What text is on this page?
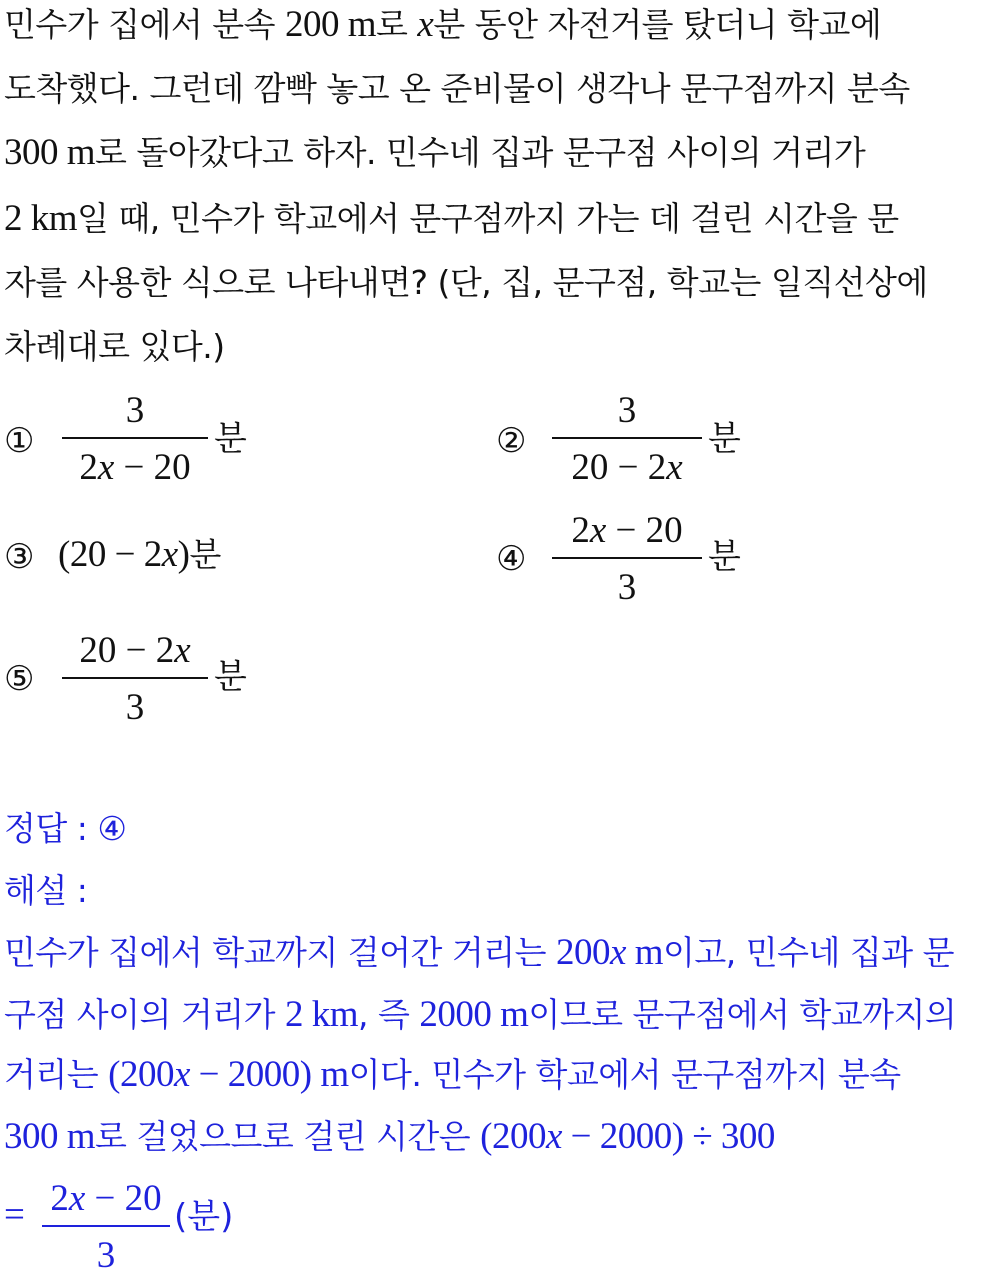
민수가 집에서 분속 200 m로 x분 동안 자전거를 탔더니 학교에
도착했다. 그런데 깜빡 놓고 온 준비물이 생각나 문구점까지 분속
300 m로 돌아갔다고 하자. 민수네 집과 문구점 사이의 거리가
2 km일 때, 민수가 학교에서 문구점까지 가는 데 걸린 시간을 문
자를 사용한 식으로 나타내면? (단, 집, 문구점, 학교는 일직선상에
차례대로 있다.)
①
3
2x − 20
분	②
3
20 − 2x
분
③ (20 − 2x)분	④
2x − 20
3
분
⑤
20 − 2x
3
분
정답 : ④
해설 :
민수가 집에서 학교까지 걸어간 거리는 200x m이고, 민수네 집과 문
구점 사이의 거리가 2 km, 즉 2000 m이므로 문구점에서 학교까지의
거리는 (200x − 2000) m이다. 민수가 학교에서 문구점까지 분속
300 m로 걸었으므로 걸린 시간은 (200x − 2000) ÷ 300
= 2x − 20
3
(분)
